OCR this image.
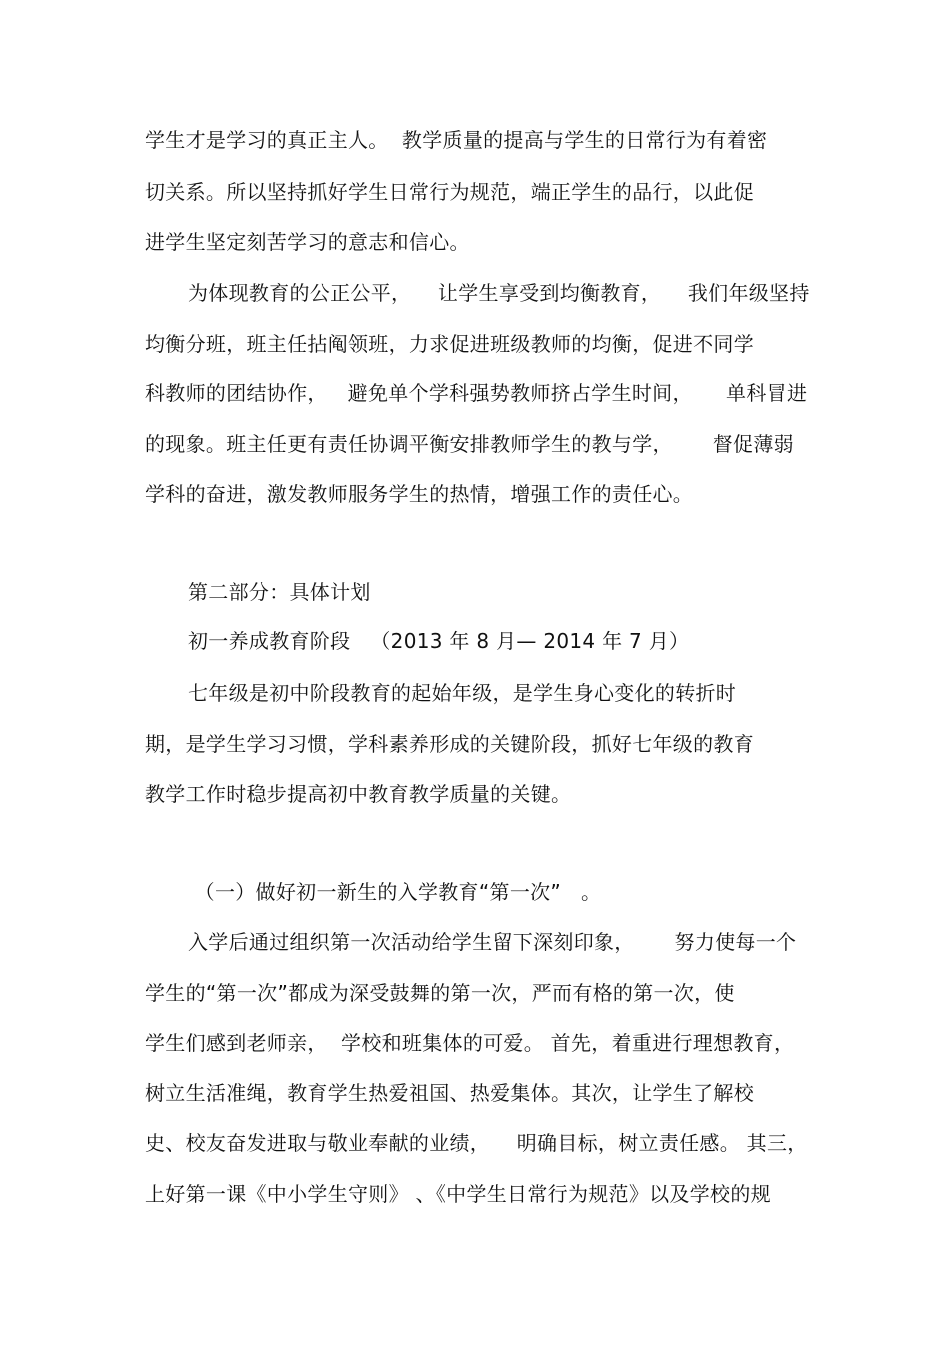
学生才是学习的真正主人。  教学质量的提高与学生的日常行为有着密
切关系。所以坚持抓好学生日常行为规范，端正学生的品行，以此促
进学生坚定刻苦学习的意志和信心。
为体现教育的公正公平，    让学生享受到均衡教育，    我们年级坚持
均衡分班，班主任拈阄领班，力求促进班级教师的均衡，促进不同学
科教师的团结协作，   避免单个学科强势教师挤占学生时间，     单科冒进
的现象。班主任更有责任协调平衡安排教师学生的教与学，      督促薄弱
学科的奋进，激发教师服务学生的热情，增强工作的责任心。
第二部分：具体计划
初一养成教育阶段   （2013 年 8 月— 2014 年 7 月）
七年级是初中阶段教育的起始年级，是学生身心变化的转折时
期，是学生学习习惯，学科素养形成的关键阶段，抓好七年级的教育
教学工作时稳步提高初中教育教学质量的关键。
（一）做好初一新生的入学教育“第一次”   。
入学后通过组织第一次活动给学生留下深刻印象，      努力使每一个
学生的“第一次”都成为深受鼓舞的第一次，严而有格的第一次，使
学生们感到老师亲，  学校和班集体的可爱。 首先，着重进行理想教育，
树立生活准绳，教育学生热爱祖国、热爱集体。其次，让学生了解校
史、校友奋发进取与敬业奉献的业绩，    明确目标，树立责任感。 其三，
上好第一课《中小学生守则》 、《中学生日常行为规范》以及学校的规
